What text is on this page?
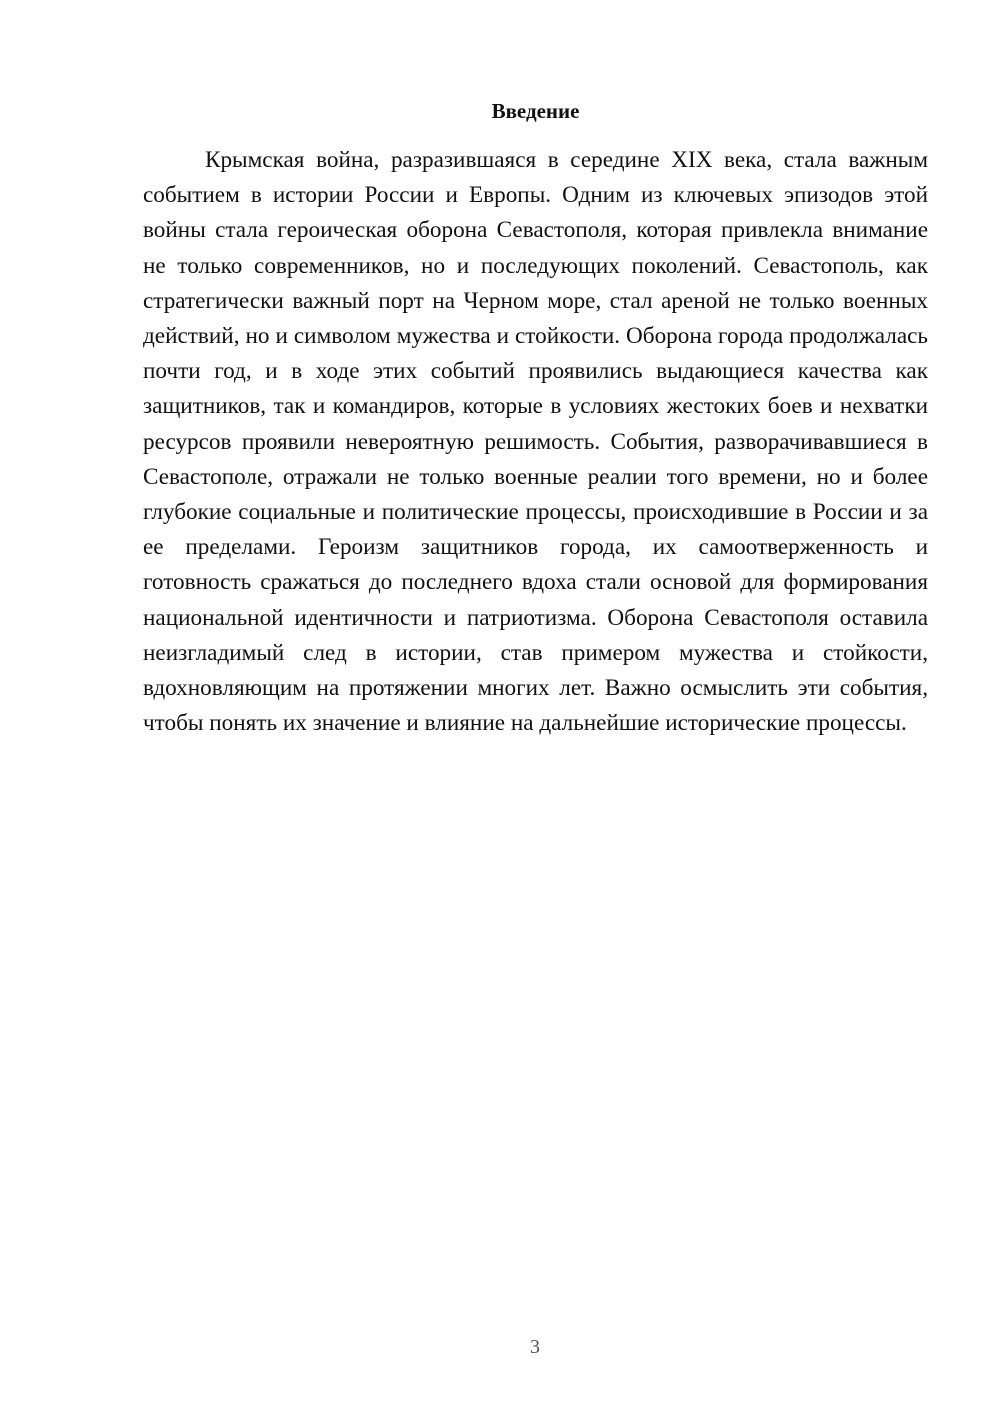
Введение

Крымская война, разразившаяся в середине XIX века, стала важным событием в истории России и Европы. Одним из ключевых эпизодов этой войны стала героическая оборона Севастополя, которая привлекла внимание не только современников, но и последующих поколений. Севастополь, как стратегически важный порт на Черном море, стал ареной не только военных действий, но и символом мужества и стойкости. Оборона города продолжалась почти год, и в ходе этих событий проявились выдающиеся качества как защитников, так и командиров, которые в условиях жестоких боев и нехватки ресурсов проявили невероятную решимость. События, разворачивавшиеся в Севастополе, отражали не только военные реалии того времени, но и более глубокие социальные и политические процессы, происходившие в России и за ее пределами. Героизм защитников города, их самоотверженность и готовность сражаться до последнего вдоха стали основой для формирования национальной идентичности и патриотизма. Оборона Севастополя оставила неизгладимый след в истории, став примером мужества и стойкости, вдохновляющим на протяжении многих лет. Важно осмыслить эти события, чтобы понять их значение и влияние на дальнейшие исторические процессы.

3
